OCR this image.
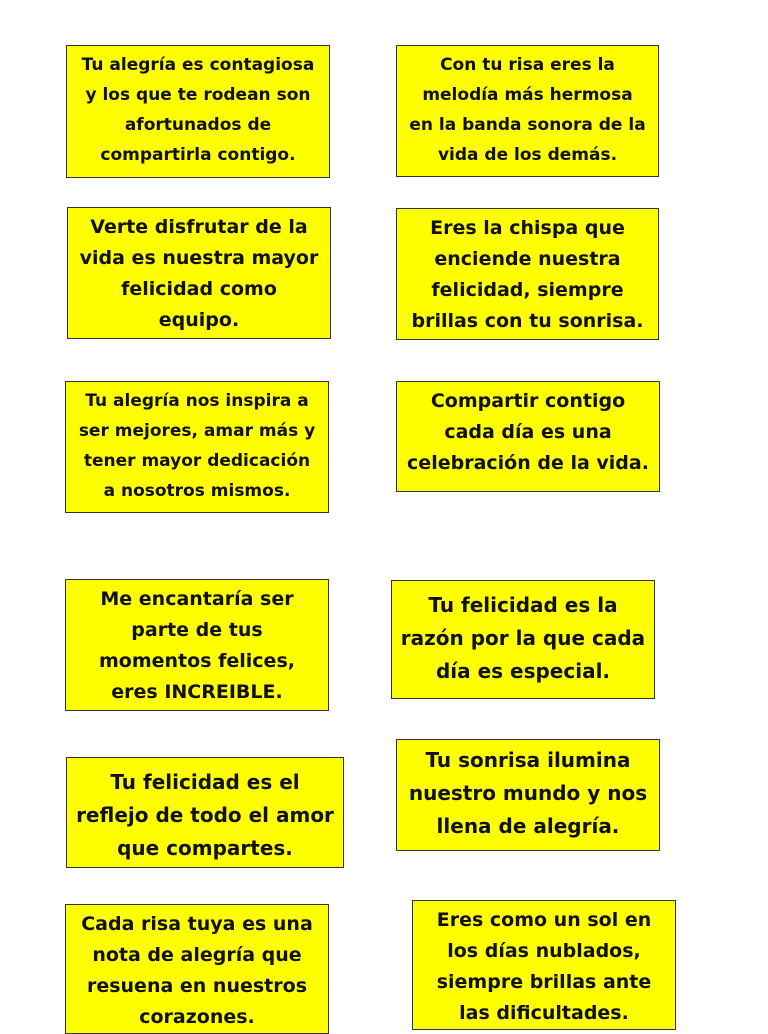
Tu alegría es contagiosa
y los que te rodean son
afortunados de
compartirla contigo.
Con tu risa eres la
melodía más hermosa
en la banda sonora de la
vida de los demás.
Verte disfrutar de la
vida es nuestra mayor
felicidad como
equipo.
Eres la chispa que
enciende nuestra
felicidad, siempre
brillas con tu sonrisa.
Tu alegría nos inspira a
ser mejores, amar más y
tener mayor dedicación
a nosotros mismos.
Compartir contigo
cada día es una
celebración de la vida.
Me encantaría ser
parte de tus
momentos felices,
eres INCREIBLE.
Tu felicidad es la
razón por la que cada
día es especial.
Tu felicidad es el
reflejo de todo el amor
que compartes.
Tu sonrisa ilumina
nuestro mundo y nos
llena de alegría.
Cada risa tuya es una
nota de alegría que
resuena en nuestros
corazones.
Eres como un sol en
los días nublados,
siempre brillas ante
las dificultades.
